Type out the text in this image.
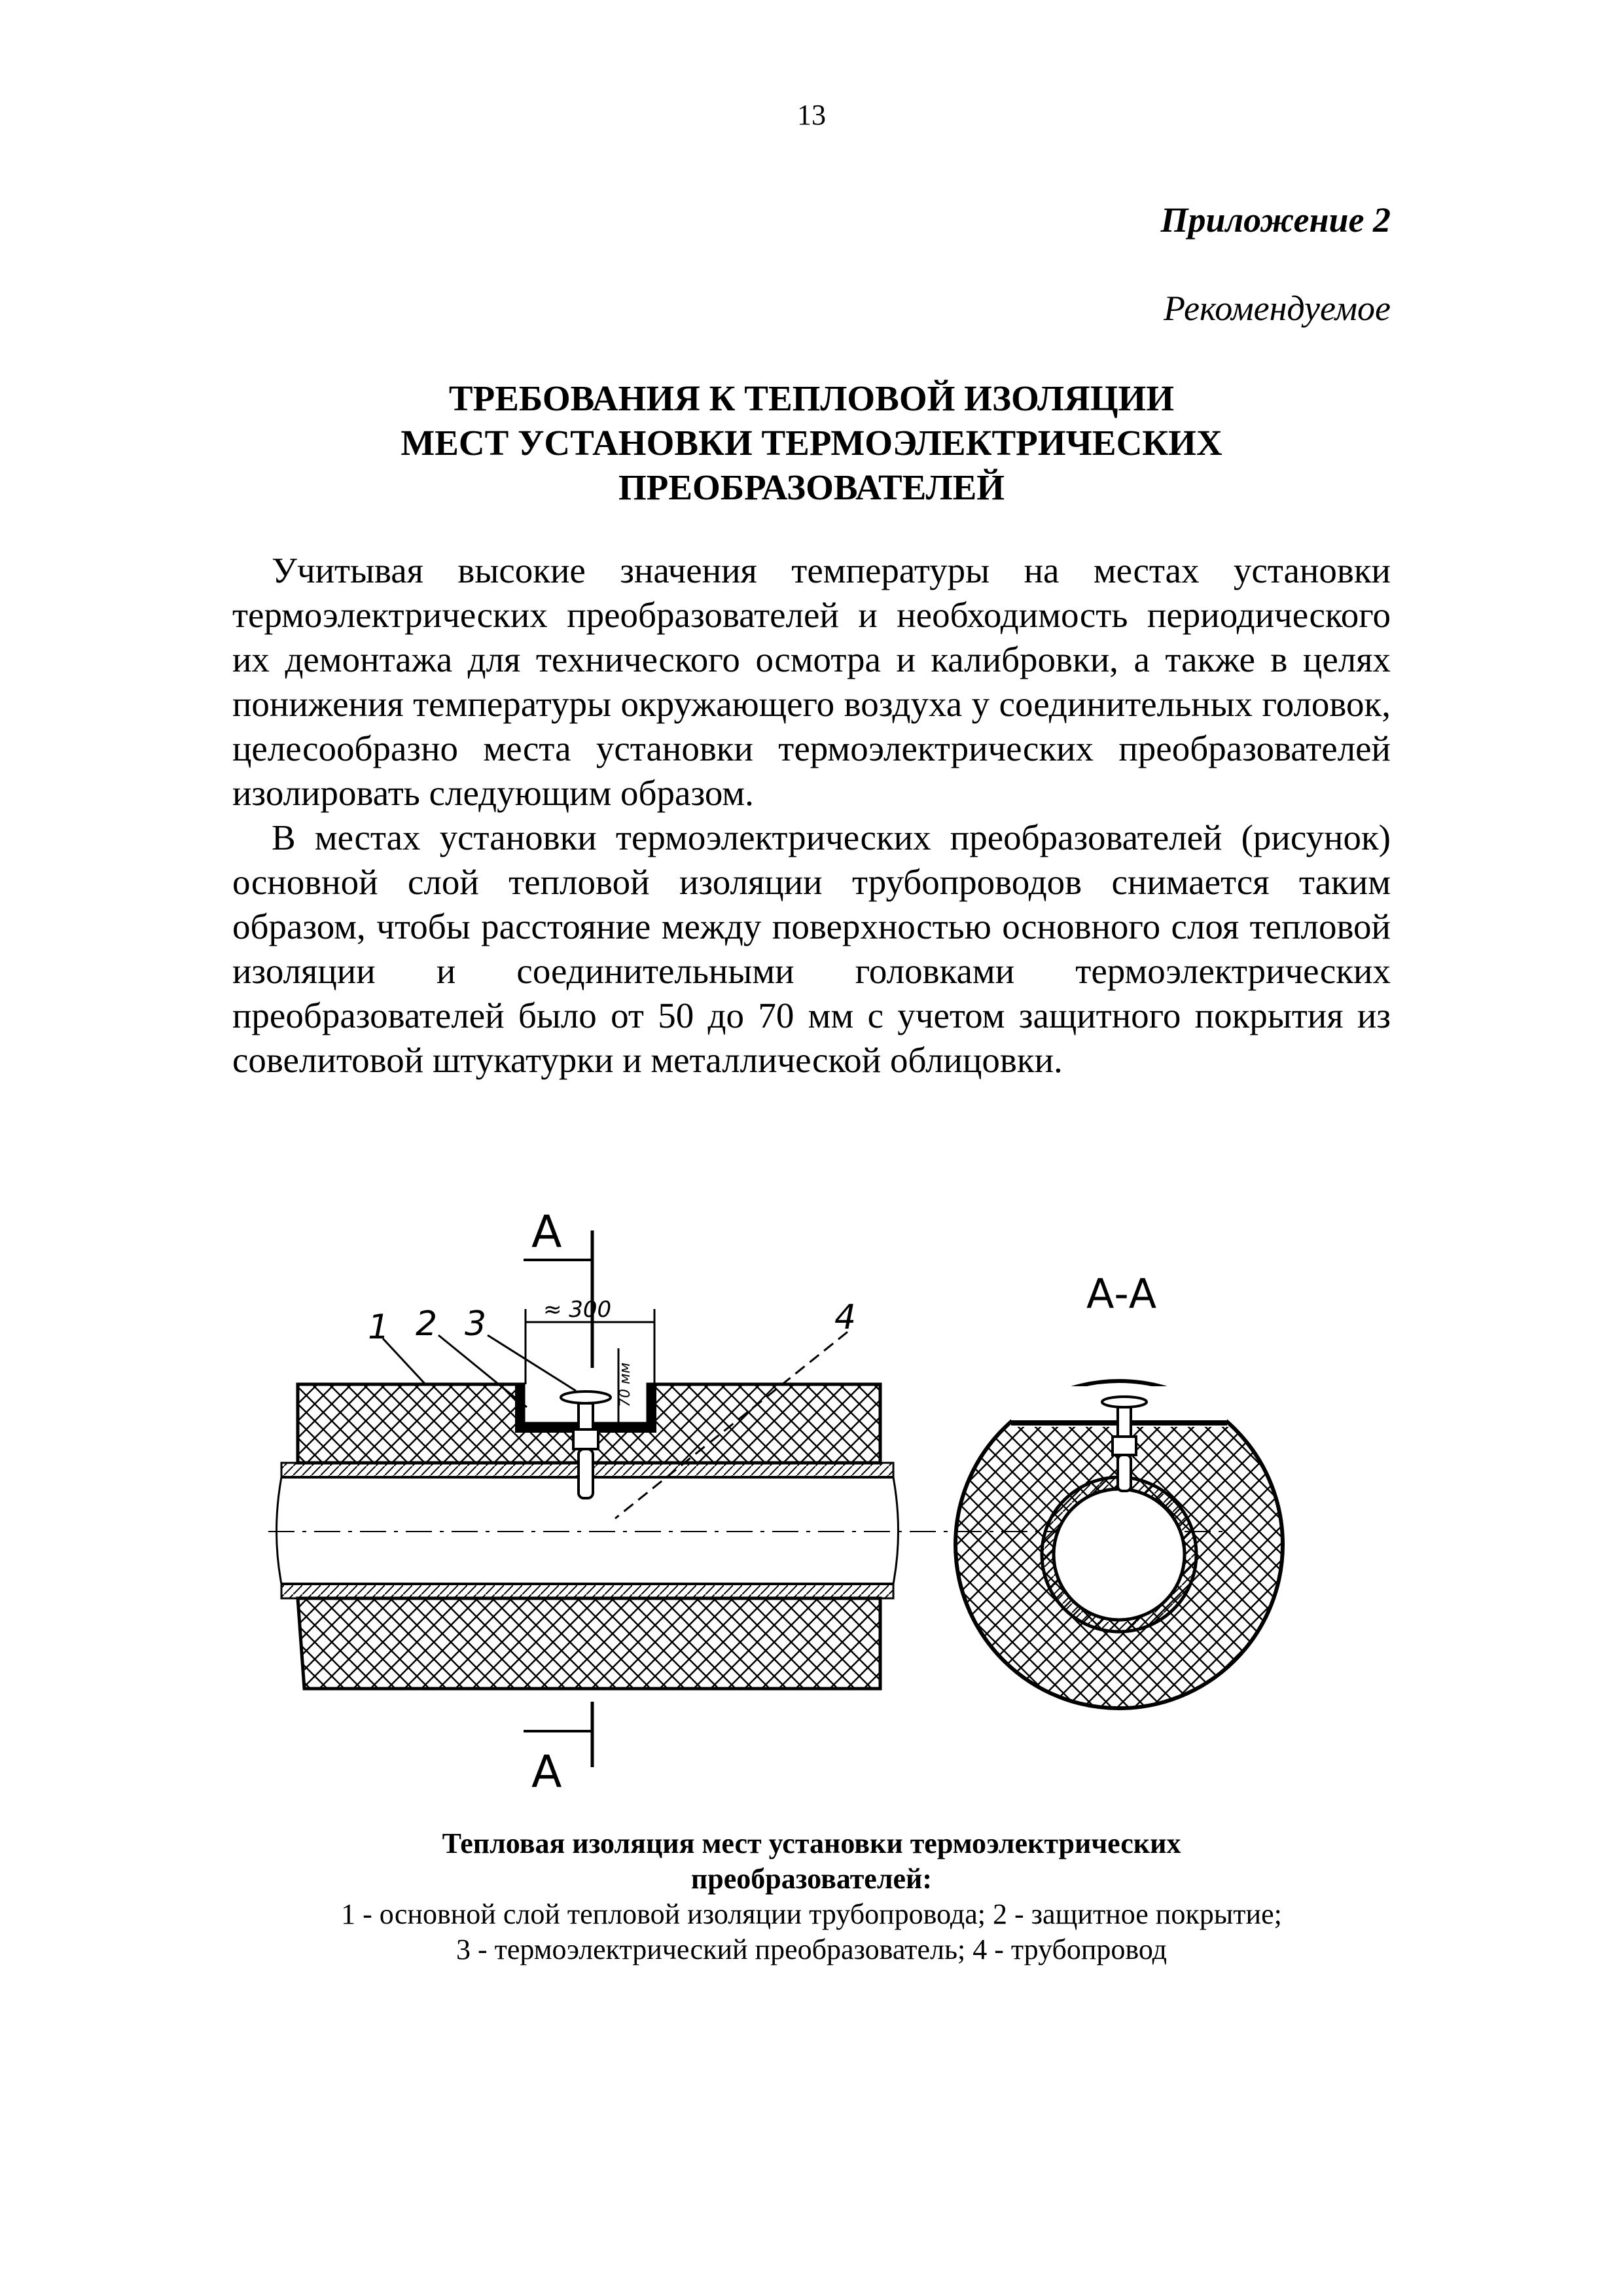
13
Приложение 2
Рекомендуемое
ТРЕБОВАНИЯ К ТЕПЛОВОЙ ИЗОЛЯЦИИ
МЕСТ УСТАНОВКИ ТЕРМОЭЛЕКТРИЧЕСКИХ
ПРЕОБРАЗОВАТЕЛЕЙ

Учитывая высокие значения температуры на местах установки термоэлектрических преобразователей и необходимость периодического их демонтажа для технического осмотра и калибровки, а также в целях понижения температуры окружающего воздуха у соединительных головок, целесообразно места установки термоэлектрических преобразователей изолировать следующим образом.

В местах установки термоэлектрических преобразователей (рисунок) основной слой тепловой изоляции трубопроводов снимается таким образом, чтобы расстояние между поверхностью основного слоя тепловой изоляции и соединительными головками термоэлектрических преобразователей было от 50 до 70 мм с учетом защитного покрытия из совелитовой штукатурки и металлической облицовки.

A
A
≈ 300
70 мм
1 2 3	4	А-А
Тепловая изоляция мест установки термоэлектрических
преобразователей:
1 - основной слой тепловой изоляции трубопровода; 2 - защитное покрытие;
3 - термоэлектрический преобразователь; 4 - трубопровод
